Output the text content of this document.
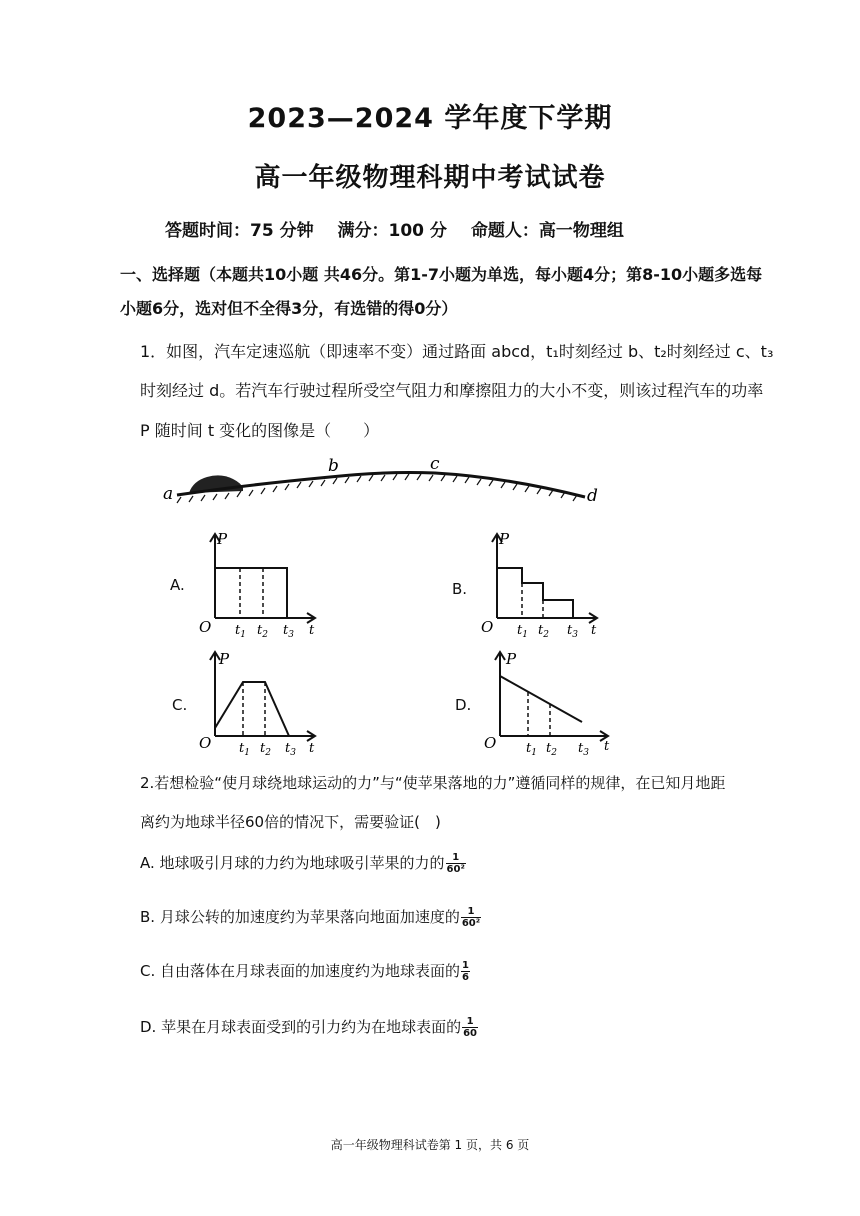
2023—2024 学年度下学期
高一年级物理科期中考试试卷
答题时间：75 分钟 满分：100 分 命题人：高一物理组
一、选择题（本题共10小题 共46分。第1-7小题为单选，每小题4分；第8-10小题多选每
小题6分，选对但不全得3分，有选错的得0分）
1．如图，汽车定速巡航（即速率不变）通过路面 abcd，t₁时刻经过 b、t₂时刻经过 c、t₃
时刻经过 d。若汽车行驶过程所受空气阻力和摩擦阻力的大小不变，则该过程汽车的功率
P 随时间 t 变化的图像是（　　）
a
b	c
d
A.	B.
C.	D.
P
O $t_1$ $t_2$ $t_3$ t
P
O $t_1$ $t_2$ $t_3$ t
P
O $t_1$ $t_2$ $t_3$ t
P
O $t_1$ $t_2$ $t_3$ t
2.若想检验“使月球绕地球运动的力”与“使苹果落地的力”遵循同样的规律，在已知月地距
离约为地球半径60倍的情况下，需要验证(　)
A. 地球吸引月球的力约为地球吸引苹果的力的 $\frac{1}{\text{60²}}$
B. 月球公转的加速度约为苹果落向地面加速度的 $\frac{1}{\text{60²}}$
C. 自由落体在月球表面的加速度约为地球表面的 $\frac{1}{6}$
D. 苹果在月球表面受到的引力约为在地球表面的 $\frac{1}{60}$
高一年级物理科试卷第 1 页，共 6 页
